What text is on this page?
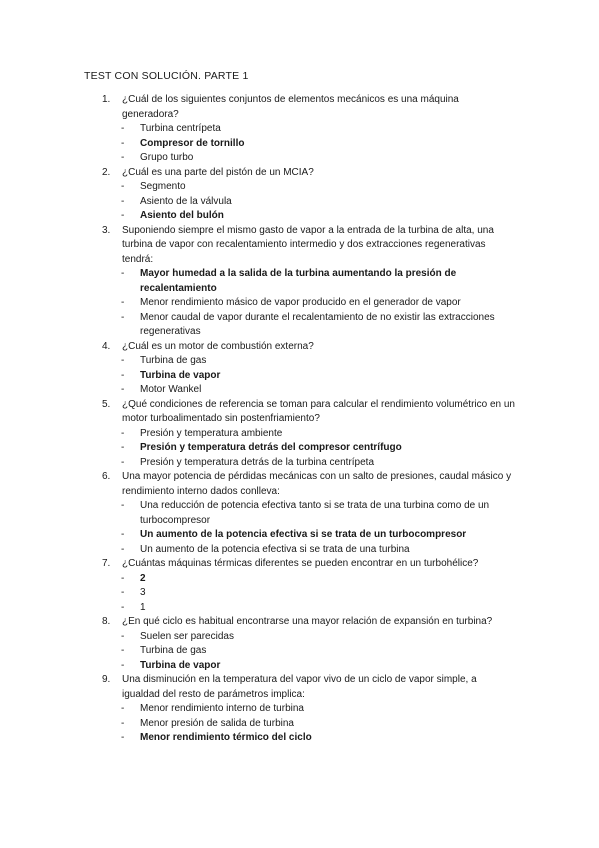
TEST CON SOLUCIÓN. PARTE 1
1.	¿Cuál de los siguientes conjuntos de elementos mecánicos es una máquina generadora?
- Turbina centrípeta
- Compresor de tornillo
- Grupo turbo
2.	¿Cuál es una parte del pistón de un MCIA?
- Segmento
- Asiento de la válvula
- Asiento del bulón
3.	Suponiendo siempre el mismo gasto de vapor a la entrada de la turbina de alta, una turbina de vapor con recalentamiento intermedio y dos extracciones regenerativas tendrá:
- Mayor humedad a la salida de la turbina aumentando la presión de recalentamiento
- Menor rendimiento másico de vapor producido en el generador de vapor
- Menor caudal de vapor durante el recalentamiento de no existir las extracciones regenerativas
4.	¿Cuál es un motor de combustión externa?
- Turbina de gas
- Turbina de vapor
- Motor Wankel
5.	¿Qué condiciones de referencia se toman para calcular el rendimiento volumétrico en un motor turboalimentado sin postenfriamiento?
- Presión y temperatura ambiente
- Presión y temperatura detrás del compresor centrífugo
- Presión y temperatura detrás de la turbina centrípeta
6.	Una mayor potencia de pérdidas mecánicas con un salto de presiones, caudal másico y rendimiento interno dados conlleva:
- Una reducción de potencia efectiva tanto si se trata de una turbina como de un turbocompresor
- Un aumento de la potencia efectiva si se trata de un turbocompresor
- Un aumento de la potencia efectiva si se trata de una turbina
7.	¿Cuántas máquinas térmicas diferentes se pueden encontrar en un turbohélice?
- 2
- 3
- 1
8.	¿En qué ciclo es habitual encontrarse una mayor relación de expansión en turbina?
- Suelen ser parecidas
- Turbina de gas
- Turbina de vapor
9.	Una disminución en la temperatura del vapor vivo de un ciclo de vapor simple, a igualdad del resto de parámetros implica:
- Menor rendimiento interno de turbina
- Menor presión de salida de turbina
- Menor rendimiento térmico del ciclo
